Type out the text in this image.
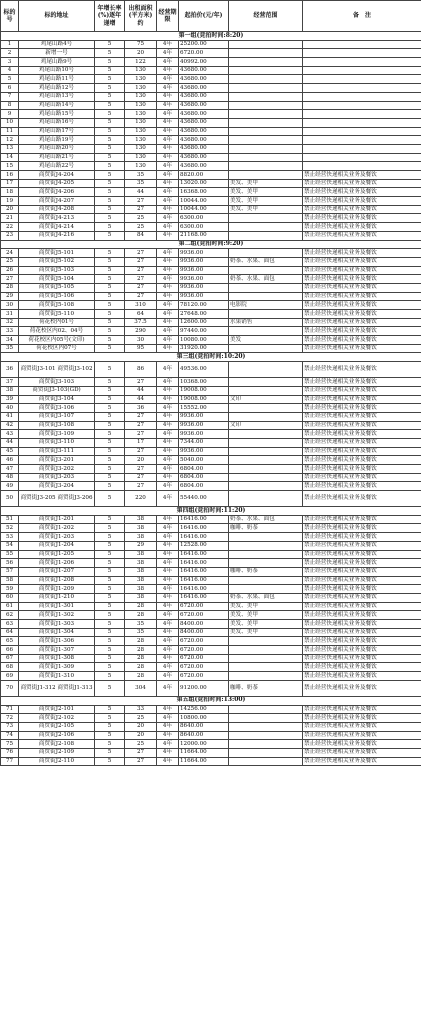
标的号	标的地址	年增长率(%)逐年递增	出租面积(平方米)约	经营期限	起拍价(元/年)	经营范围	备　注
第一组(竞拍时间:8:20)							
1	鸡尾山路4号	5	75	4年	25200.00		
2	新增一号	5	20	4年	6720.00		
3	鸡尾山路9号	5	122	4年	40992.00		
4	鸡尾山路10号	5	130	4年	43680.00		
5	鸡尾山路11号	5	130	4年	43680.00		
6	鸡尾山路12号	5	130	4年	43680.00		
7	鸡尾山路13号	5	130	4年	43680.00		
8	鸡尾山路14号	5	130	4年	43680.00		
9	鸡尾山路15号	5	130	4年	43680.00		
10	鸡尾山路16号	5	130	4年	43680.00		
11	鸡尾山路17号	5	130	4年	43680.00		
12	鸡尾山路19号	5	130	4年	43680.00		
13	鸡尾山路20号	5	130	4年	43680.00		
14	鸡尾山路21号	5	130	4年	43680.00		
15	鸡尾山路22号	5	130	4年	43680.00		
16	商贸街J4-204	5	35	4年	8820.00		禁止经营快递相关业务及餐饮
17	商贸街J4-205	5	35	4年	13020.00	美发、美甲	禁止经营快递相关业务及餐饮
18	商贸街J4-206	5	44	4年	16368.00	美发、美甲	禁止经营快递相关业务及餐饮
19	商贸街J4-207	5	27	4年	10044.00	美发、美甲	禁止经营快递相关业务及餐饮
20	商贸街J4-208	5	27	4年	10044.00	美发、美甲	禁止经营快递相关业务及餐饮
21	商贸街J4-213	5	25	4年	6300.00		禁止经营快递相关业务及餐饮
22	商贸街J4-214	5	25	4年	6300.00		禁止经营快递相关业务及餐饮
23	商贸街J4-216	5	84	4年	21168.00		禁止经营快递相关业务及餐饮
第二组(竞拍时间:9:20)							
24	商贸街J5-101	5	27	4年	9936.00		禁止经营快递相关业务及餐饮
25	商贸街J5-102	5	27	4年	9936.00	奶茶、水果、面包	禁止经营快递相关业务及餐饮
26	商贸街J5-103	5	27	4年	9936.00		禁止经营快递相关业务及餐饮
27	商贸街J5-104	5	27	4年	9936.00	奶茶、水果、面包	禁止经营快递相关业务及餐饮
28	商贸街J5-105	5	27	4年	9936.00		禁止经营快递相关业务及餐饮
29	商贸街J5-106	5	27	4年	9936.00		禁止经营快递相关业务及餐饮
30	商贸街J5-108	5	310	4年	78120.00	电影院	禁止经营快递相关业务及餐饮
31	商贸街J5-110	5	64	4年	27648.00		禁止经营快递相关业务及餐饮
32	荷花校内01号	5	37.5	4年	12600.00	水果销售	禁止经营快递相关业务及餐饮
33	荷花校区内02、04号	5	290	4年	97440.00		禁止经营快递相关业务及餐饮
34	荷花校区内05号(文印)	5	30	4年	10080.00	美发	禁止经营快递相关业务及餐饮
35	荷花校区内07号	5	95	4年	31920.00		禁止经营快递相关业务及餐饮
第三组(竞拍时间:10:20)							
36	商贸街J3-101 商贸街J3-102	5	86	4年	49536.00		禁止经营快递相关业务及餐饮
37	商贸街J3-103	5	27	4年	10368.00		禁止经营快递相关业务及餐饮
38	商贸街J3-103(GD)	5	44	4年	19008.00		禁止经营快递相关业务及餐饮
39	商贸街J3-104	5	44	4年	19008.00	文印	禁止经营快递相关业务及餐饮
40	商贸街J3-106	5	36	4年	15552.00		禁止经营快递相关业务及餐饮
41	商贸街J3-107	5	27	4年	9936.00		禁止经营快递相关业务及餐饮
42	商贸街J3-108	5	27	4年	9936.00	文印	禁止经营快递相关业务及餐饮
43	商贸街J3-109	5	27	4年	9936.00		禁止经营快递相关业务及餐饮
44	商贸街J3-110	5	17	4年	7344.00		禁止经营快递相关业务及餐饮
45	商贸街J3-111	5	27	4年	9936.00		禁止经营快递相关业务及餐饮
46	商贸街J3-201	5	20	4年	5040.00		禁止经营快递相关业务及餐饮
47	商贸街J3-202	5	27	4年	6804.00		禁止经营快递相关业务及餐饮
48	商贸街J3-203	5	27	4年	6804.00		禁止经营快递相关业务及餐饮
49	商贸街J3-204	5	27	4年	6804.00		禁止经营快递相关业务及餐饮
50	商贸街J3-205 商贸街J3-206	5	220	4年	55440.00		禁止经营快递相关业务及餐饮
第四组(竞拍时间:11:20)							
51	商贸街J1-201	5	38	4年	16416.00	奶茶、水果、面包	禁止经营快递相关业务及餐饮
52	商贸街J1-202	5	38	4年	16416.00	咖啡、奶茶	禁止经营快递相关业务及餐饮
53	商贸街J1-203	5	38	4年	16416.00		禁止经营快递相关业务及餐饮
54	商贸街J1-204	5	29	4年	12528.00		禁止经营快递相关业务及餐饮
55	商贸街J1-205	5	38	4年	16416.00		禁止经营快递相关业务及餐饮
56	商贸街J1-206	5	38	4年	16416.00		禁止经营快递相关业务及餐饮
57	商贸街J1-207	5	38	4年	16416.00	咖啡、奶茶	禁止经营快递相关业务及餐饮
58	商贸街J1-208	5	38	4年	16416.00		禁止经营快递相关业务及餐饮
59	商贸街J1-209	5	38	4年	16416.00		禁止经营快递相关业务及餐饮
60	商贸街J1-210	5	38	4年	16416.00	奶茶、水果、面包	禁止经营快递相关业务及餐饮
61	商贸街J1-301	5	28	4年	6720.00	美发、美甲	禁止经营快递相关业务及餐饮
62	商贸街J1-302	5	28	4年	6720.00	美发、美甲	禁止经营快递相关业务及餐饮
63	商贸街J1-303	5	35	4年	8400.00	美发、美甲	禁止经营快递相关业务及餐饮
64	商贸街J1-304	5	35	4年	8400.00	美发、美甲	禁止经营快递相关业务及餐饮
65	商贸街J1-306	5	28	4年	6720.00		禁止经营快递相关业务及餐饮
66	商贸街J1-307	5	28	4年	6720.00		禁止经营快递相关业务及餐饮
67	商贸街J1-308	5	28	4年	6720.00		禁止经营快递相关业务及餐饮
68	商贸街J1-309	5	28	4年	6720.00		禁止经营快递相关业务及餐饮
69	商贸街J1-310	5	28	4年	6720.00		禁止经营快递相关业务及餐饮
70	商贸街J1-312 商贸街J1-313	5	304	4年	91200.00	咖啡、奶茶	禁止经营快递相关业务及餐饮
第五组(竞拍时间:13:00)							
71	商贸街J2-101	5	33	4年	14256.00		禁止经营快递相关业务及餐饮
72	商贸街J2-102	5	25	4年	10800.00		禁止经营快递相关业务及餐饮
73	商贸街J2-105	5	20	4年	8640.00		禁止经营快递相关业务及餐饮
74	商贸街J2-106	5	20	4年	8640.00		禁止经营快递相关业务及餐饮
75	商贸街J2-108	5	25	4年	12000.00		禁止经营快递相关业务及餐饮
76	商贸街J2-109	5	27	4年	11664.00		禁止经营快递相关业务及餐饮
77	商贸街J2-110	5	27	4年	11664.00		禁止经营快递相关业务及餐饮
